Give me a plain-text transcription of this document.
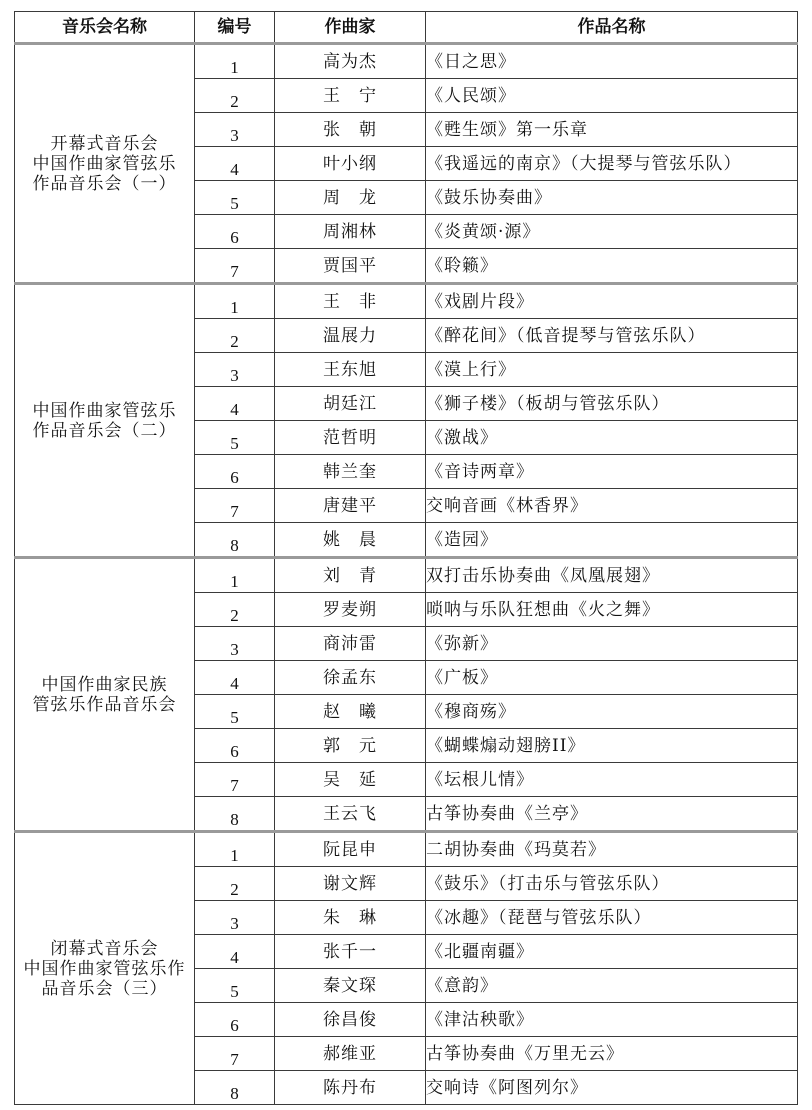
音乐会名称	编号	作曲家	作品名称

开幕式音乐会
中国作曲家管弦乐
作品音乐会（一）	1	高为杰	《日之思》
	2	王　宁	《人民颂》
	3	张　朝	《甦生颂》第一乐章
	4	叶小纲	《我遥远的南京》（大提琴与管弦乐队）
	5	周　龙	《鼓乐协奏曲》
	6	周湘林	《炎黄颂·源》
	7	贾国平	《聆籁》

中国作曲家管弦乐
作品音乐会（二）	1	王　非	《戏剧片段》
	2	温展力	《醉花间》（低音提琴与管弦乐队）
	3	王东旭	《漠上行》
	4	胡廷江	《狮子楼》（板胡与管弦乐队）
	5	范哲明	《激战》
	6	韩兰奎	《音诗两章》
	7	唐建平	交响音画《林香界》
	8	姚　晨	《造园》

中国作曲家民族
管弦乐作品音乐会	1	刘　青	双打击乐协奏曲《凤凰展翅》
	2	罗麦朔	唢呐与乐队狂想曲《火之舞》
	3	商沛雷	《弥新》
	4	徐孟东	《广板》
	5	赵　曦	《穆商殇》
	6	郭　元	《蝴蝶煽动翅膀II》
	7	吴　延	《坛根儿情》
	8	王云飞	古筝协奏曲《兰亭》

闭幕式音乐会
中国作曲家管弦乐作
品音乐会（三）	1	阮昆申	二胡协奏曲《玛莫若》
	2	谢文辉	《鼓乐》（打击乐与管弦乐队）
	3	朱　琳	《冰趣》（琵琶与管弦乐队）
	4	张千一	《北疆南疆》
	5	秦文琛	《意韵》
	6	徐昌俊	《津沽秧歌》
	7	郝维亚	古筝协奏曲《万里无云》
	8	陈丹布	交响诗《阿图列尔》
